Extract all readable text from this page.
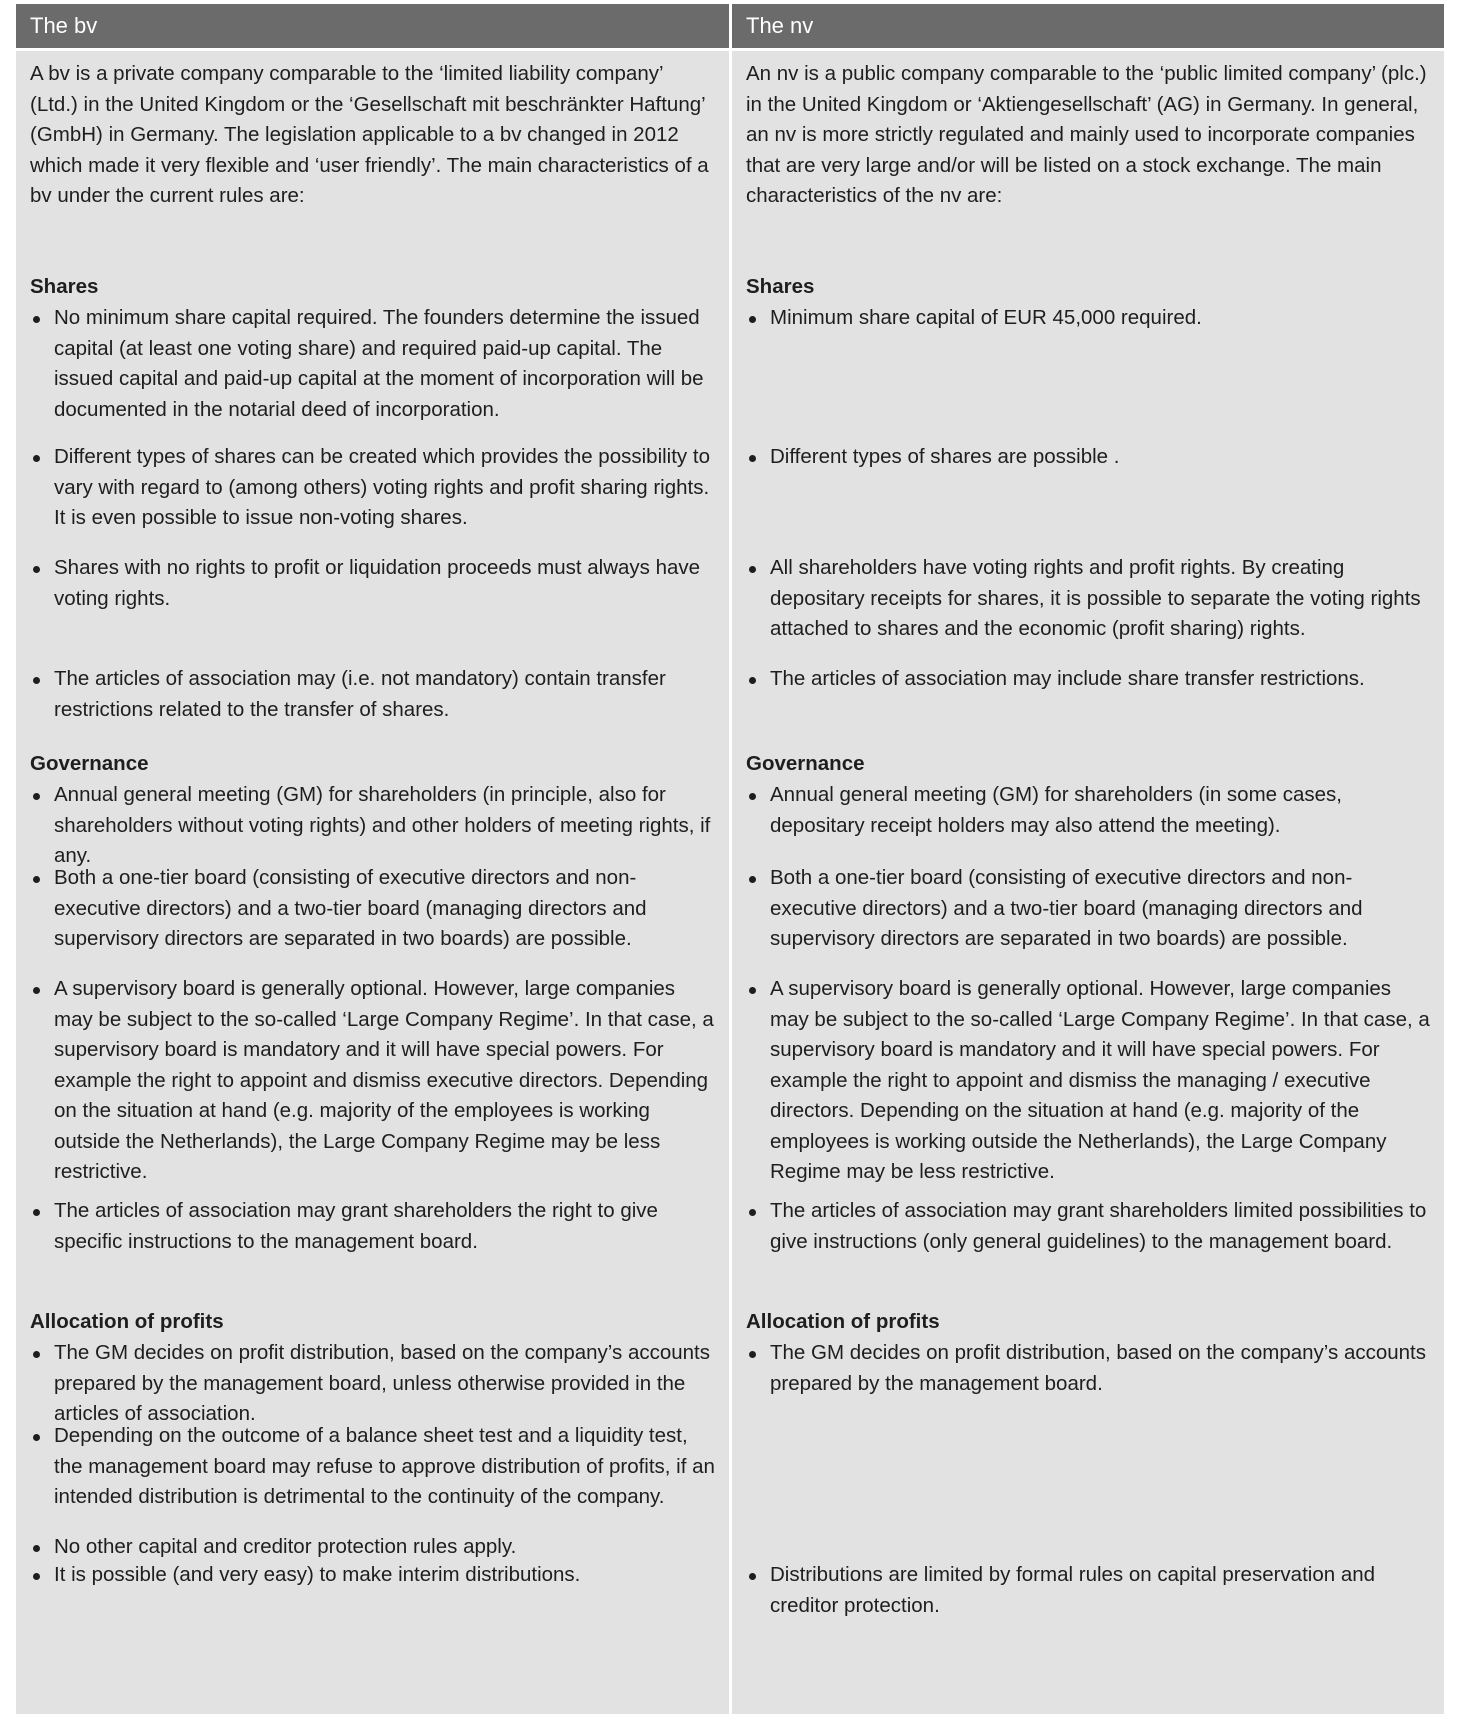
The bv	The nv

A bv is a private company comparable to the ‘limited liability company’ (Ltd.) in the United Kingdom or the ‘Gesellschaft mit beschränkter Haftung’ (GmbH) in Germany. The legislation applicable to a bv changed in 2012 which made it very flexible and ‘user friendly’. The main characteristics of a bv under the current rules are:

Shares

No minimum share capital required. The founders determine the issued capital (at least one voting share) and required paid-up capital. The issued capital and paid-up capital at the moment of incorporation will be documented in the notarial deed of incorporation.

Different types of shares can be created which provides the possibility to vary with regard to (among others) voting rights and profit sharing rights. It is even possible to issue non-voting shares.

Shares with no rights to profit or liquidation proceeds must always have voting rights.

The articles of association may (i.e. not mandatory) contain transfer restrictions related to the transfer of shares.

Governance

Annual general meeting (GM) for shareholders (in principle, also for shareholders without voting rights) and other holders of meeting rights, if any.

Both a one-tier board (consisting of executive directors and non-executive directors) and a two-tier board (managing directors and supervisory directors are separated in two boards) are possible.

A supervisory board is generally optional. However, large companies may be subject to the so-called ‘Large Company Regime’. In that case, a supervisory board is mandatory and it will have special powers. For example the right to appoint and dismiss executive directors. Depending on the situation at hand (e.g. majority of the employees is working outside the Netherlands), the Large Company Regime may be less restrictive.

The articles of association may grant shareholders the right to give specific instructions to the management board.

Allocation of profits

The GM decides on profit distribution, based on the company’s accounts prepared by the management board, unless otherwise provided in the articles of association.

Depending on the outcome of a balance sheet test and a liquidity test, the management board may refuse to approve distribution of profits, if an intended distribution is detrimental to the continuity of the company.

No other capital and creditor protection rules apply.

It is possible (and very easy) to make interim distributions.

An nv is a public company comparable to the ‘public limited company’ (plc.) in the United Kingdom or ‘Aktiengesellschaft’ (AG) in Germany. In general, an nv is more strictly regulated and mainly used to incorporate companies that are very large and/or will be listed on a stock exchange. The main characteristics of the nv are:

Shares

Minimum share capital of EUR 45,000 required.

Different types of shares are possible .

All shareholders have voting rights and profit rights. By creating depositary receipts for shares, it is possible to separate the voting rights attached to shares and the economic (profit sharing) rights.

The articles of association may include share transfer restrictions.

Governance

Annual general meeting (GM) for shareholders (in some cases, depositary receipt holders may also attend the meeting).

Both a one-tier board (consisting of executive directors and non-executive directors) and a two-tier board (managing directors and supervisory directors are separated in two boards) are possible.

A supervisory board is generally optional. However, large companies may be subject to the so-called ‘Large Company Regime’. In that case, a supervisory board is mandatory and it will have special powers. For example the right to appoint and dismiss the managing / executive directors. Depending on the situation at hand (e.g. majority of the employees is working outside the Netherlands), the Large Company Regime may be less restrictive.

The articles of association may grant shareholders limited possibilities to give instructions (only general guidelines) to the management board.

Allocation of profits

The GM decides on profit distribution, based on the company’s accounts prepared by the management board.

Distributions are limited by formal rules on capital preservation and creditor protection.
